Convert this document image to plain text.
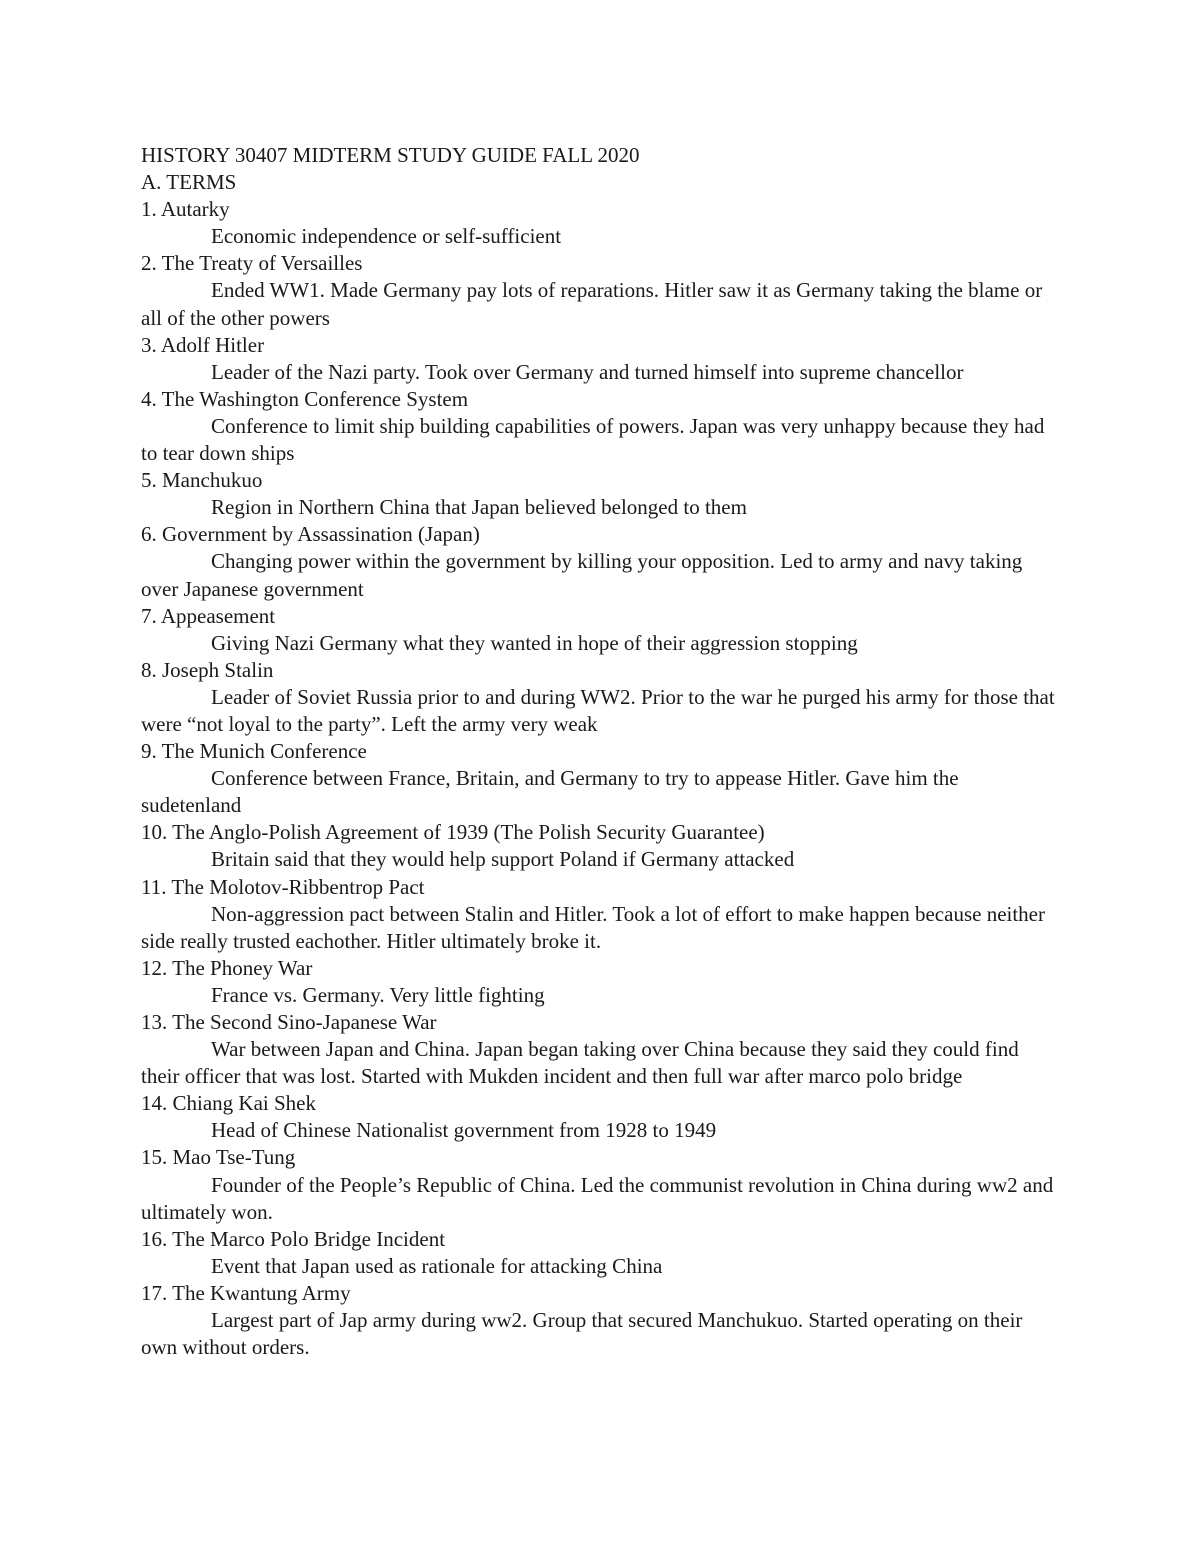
HISTORY 30407 MIDTERM STUDY GUIDE FALL 2020

A. TERMS

1. Autarky

Economic independence or self-sufficient

2. The Treaty of Versailles

Ended WW1. Made Germany pay lots of reparations. Hitler saw it as Germany taking the blame or all of the other powers

3. Adolf Hitler

Leader of the Nazi party. Took over Germany and turned himself into supreme chancellor

4. The Washington Conference System

Conference to limit ship building capabilities of powers. Japan was very unhappy because they had to tear down ships

5. Manchukuo

Region in Northern China that Japan believed belonged to them

6. Government by Assassination (Japan)

Changing power within the government by killing your opposition. Led to army and navy taking over Japanese government

7. Appeasement

Giving Nazi Germany what they wanted in hope of their aggression stopping

8. Joseph Stalin

Leader of Soviet Russia prior to and during WW2. Prior to the war he purged his army for those that were “not loyal to the party”. Left the army very weak

9. The Munich Conference

Conference between France, Britain, and Germany to try to appease Hitler. Gave him the sudetenland

10. The Anglo-Polish Agreement of 1939 (The Polish Security Guarantee)

Britain said that they would help support Poland if Germany attacked

11. The Molotov-Ribbentrop Pact

Non-aggression pact between Stalin and Hitler. Took a lot of effort to make happen because neither side really trusted eachother. Hitler ultimately broke it.

12. The Phoney War

France vs. Germany. Very little fighting

13. The Second Sino-Japanese War

War between Japan and China. Japan began taking over China because they said they could find their officer that was lost. Started with Mukden incident and then full war after marco polo bridge

14. Chiang Kai Shek

Head of Chinese Nationalist government from 1928 to 1949

15. Mao Tse-Tung

Founder of the People’s Republic of China. Led the communist revolution in China during ww2 and ultimately won.

16. The Marco Polo Bridge Incident

Event that Japan used as rationale for attacking China

17. The Kwantung Army

Largest part of Jap army during ww2. Group that secured Manchukuo. Started operating on their own without orders.
